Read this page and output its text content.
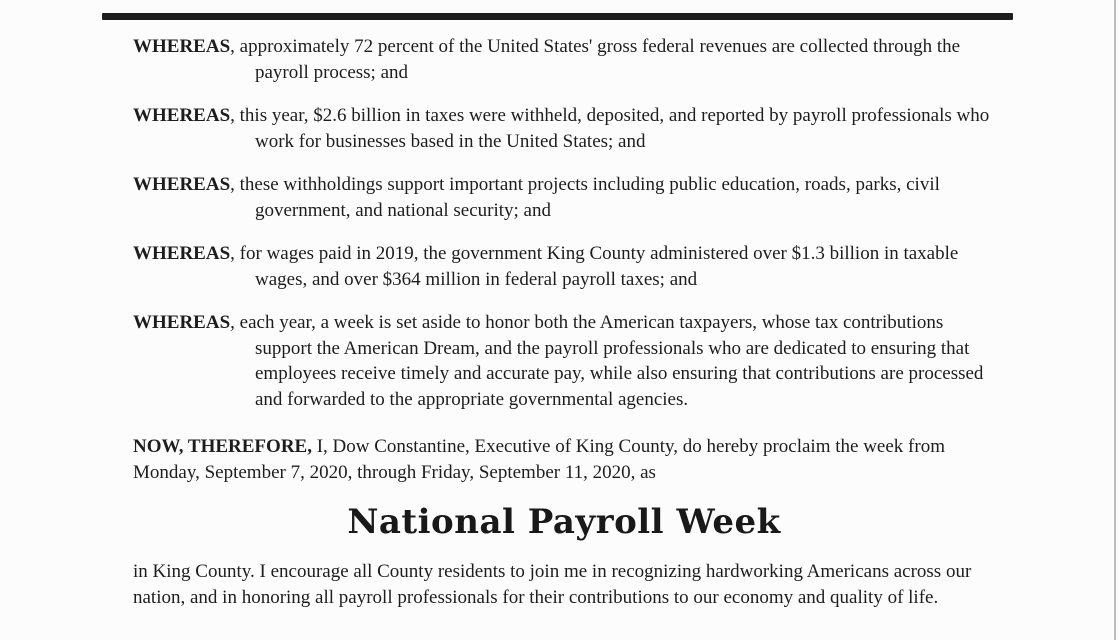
WHEREAS, approximately 72 percent of the United States' gross federal revenues are collected through the payroll process; and

WHEREAS, this year, $2.6 billion in taxes were withheld, deposited, and reported by payroll professionals who work for businesses based in the United States; and

WHEREAS, these withholdings support important projects including public education, roads, parks, civil government, and national security; and

WHEREAS, for wages paid in 2019, the government King County administered over $1.3 billion in taxable wages, and over $364 million in federal payroll taxes; and

WHEREAS, each year, a week is set aside to honor both the American taxpayers, whose tax contributions support the American Dream, and the payroll professionals who are dedicated to ensuring that employees receive timely and accurate pay, while also ensuring that contributions are processed and forwarded to the appropriate governmental agencies.

NOW, THEREFORE, I, Dow Constantine, Executive of King County, do hereby proclaim the week from Monday, September 7, 2020, through Friday, September 11, 2020, as

National Payroll Week

in King County. I encourage all County residents to join me in recognizing hardworking Americans across our nation, and in honoring all payroll professionals for their contributions to our economy and quality of life.
